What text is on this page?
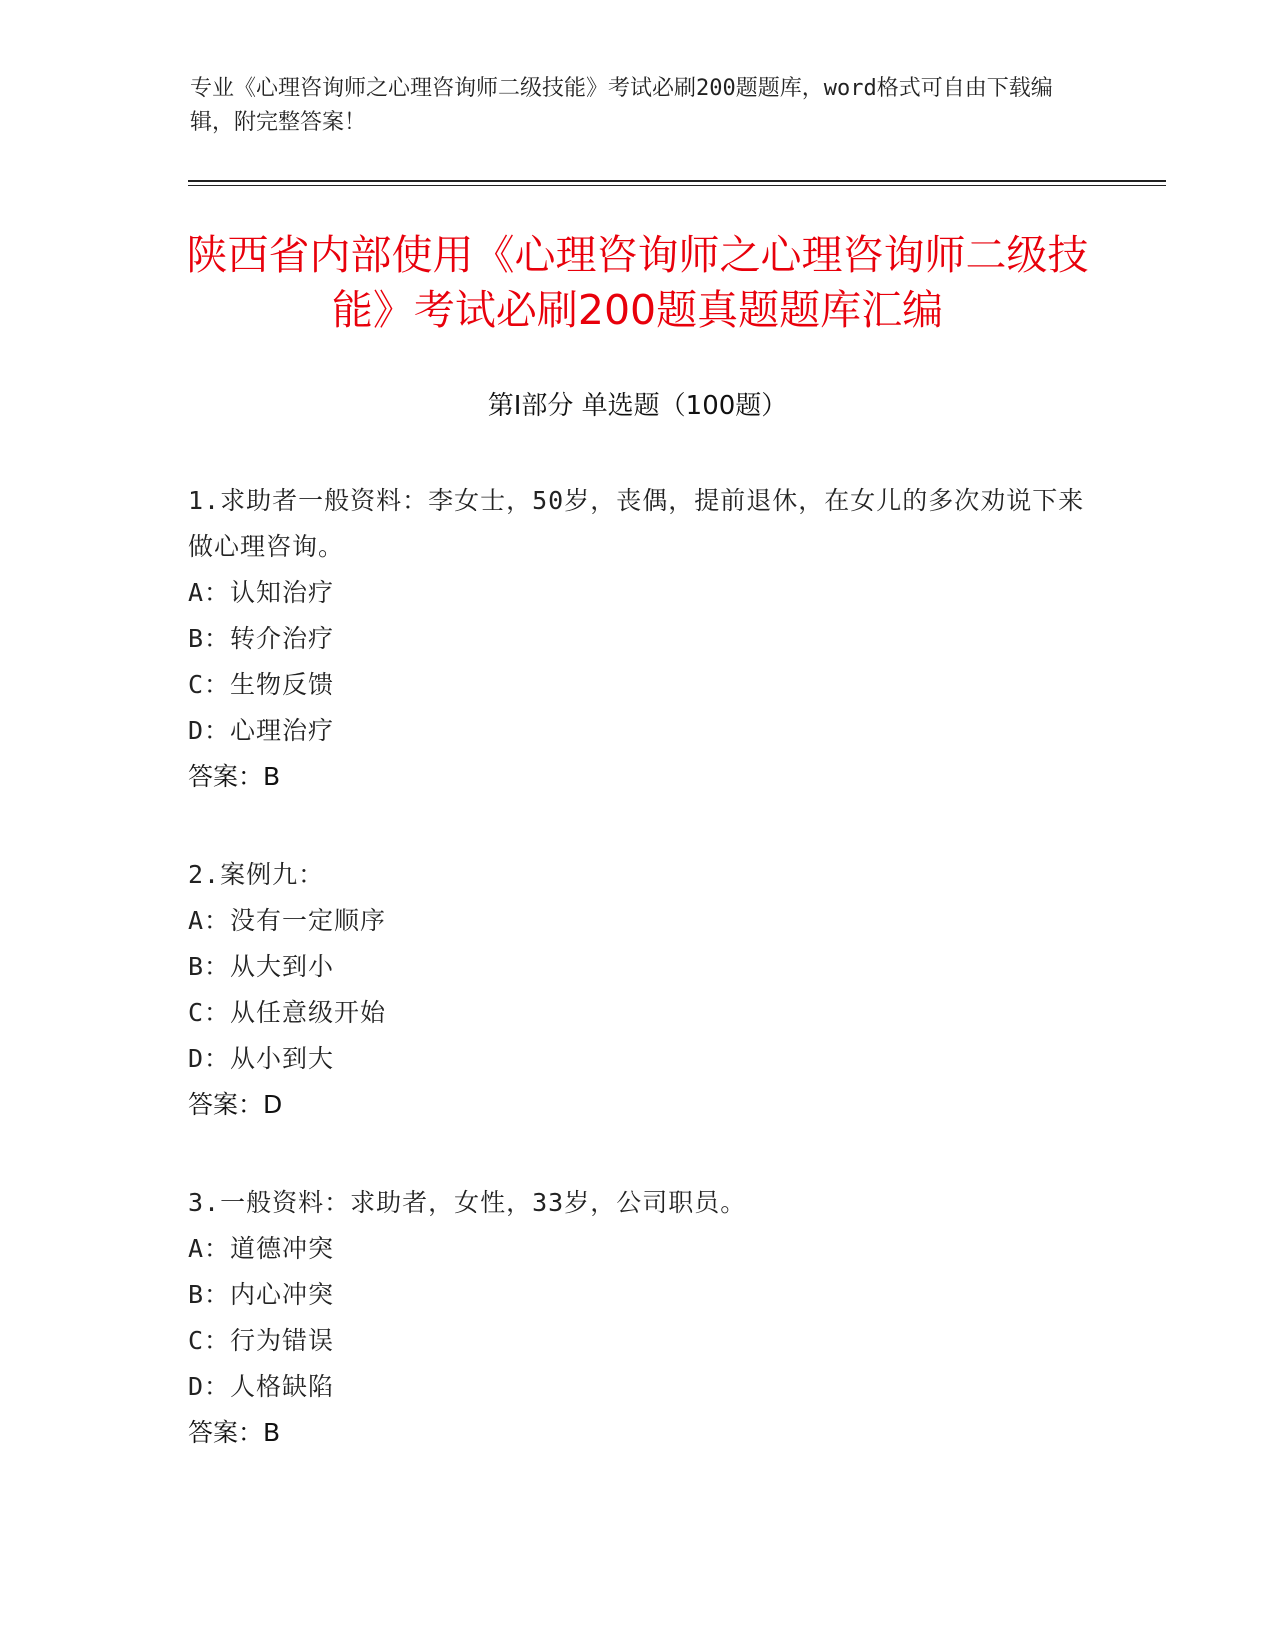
专业《心理咨询师之心理咨询师二级技能》考试必刷200题题库，word格式可自由下载编辑，附完整答案！
陕西省内部使用《心理咨询师之心理咨询师二级技能》考试必刷200题真题题库汇编
第Ⅰ部分 单选题（100题）
1.求助者一般资料：李女士，50岁，丧偶，提前退休，在女儿的多次劝说下来做心理咨询。
A：认知治疗
B：转介治疗
C：生物反馈
D：心理治疗
答案：B
2.案例九：
A：没有一定顺序
B：从大到小
C：从任意级开始
D：从小到大
答案：D
3.一般资料：求助者，女性，33岁，公司职员。
A：道德冲突
B：内心冲突
C：行为错误
D：人格缺陷
答案：B
